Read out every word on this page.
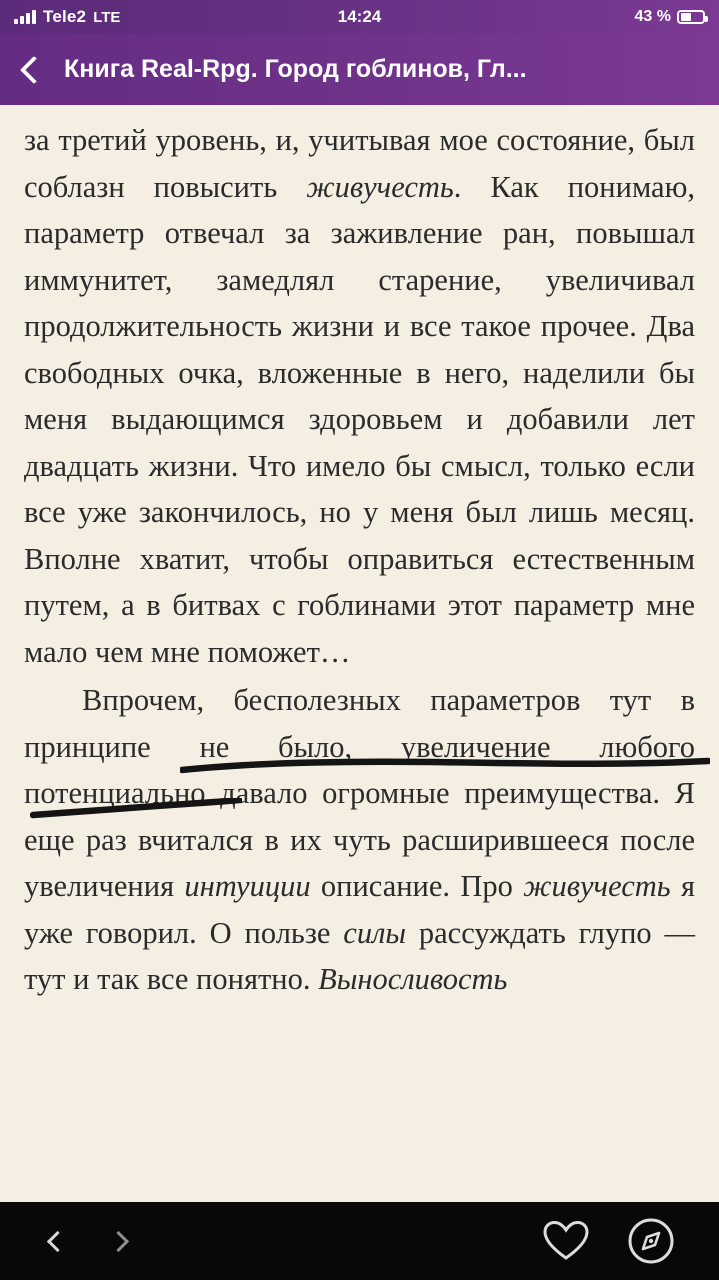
Tele2 LTE	14:24	43 %
Книга Real-Rpg. Город гоблинов, Гл...

за третий уровень, и, учитывая мое состояние, был соблазн повысить живучесть. Как понимаю, параметр отвечал за заживление ран, повышал иммунитет, замедлял старение, увеличивал продолжительность жизни и все такое прочее. Два свободных очка, вложенные в него, наделили бы меня выдающимся здоровьем и добавили лет двадцать жизни. Что имело бы смысл, только если все уже закончилось, но у меня был лишь месяц. Вполне хватит, чтобы оправиться естественным путем, а в битвах с гоблинами этот параметр мне мало чем мне поможет…

Впрочем, бесполезных параметров тут в принципе не было, увеличение любого потенциально давало огромные преимущества. Я еще раз вчитался в их чуть расширившееся после увеличения интуиции описание. Про живучесть я уже говорил. О пользе силы рассуждать глупо — тут и так все понятно. Выносливость
